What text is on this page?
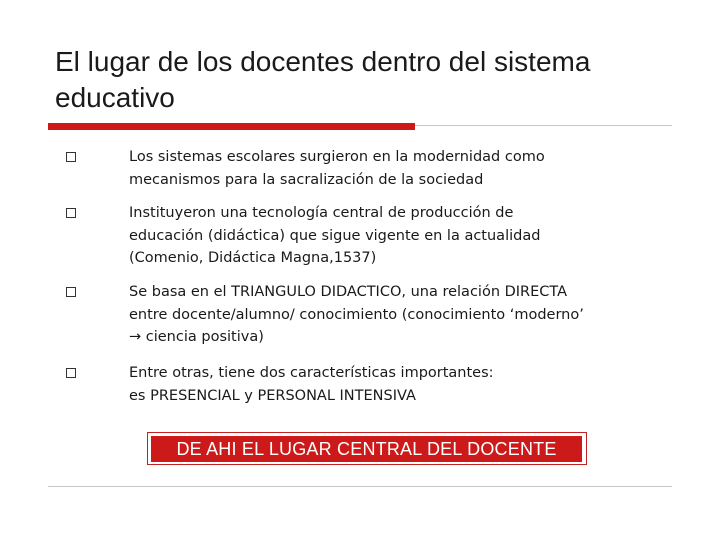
El lugar de los docentes dentro del sistema educativo
Los sistemas escolares surgieron en la modernidad como
mecanismos para la sacralización de la sociedad
Instituyeron una tecnología central de producción de
educación (didáctica) que sigue vigente en la actualidad
(Comenio, Didáctica Magna,1537)
Se basa en el TRIANGULO DIDACTICO, una relación DIRECTA
entre docente/alumno/ conocimiento (conocimiento ‘moderno’
→ ciencia positiva)
Entre otras, tiene dos características importantes:
es PRESENCIAL y PERSONAL INTENSIVA
DE AHI EL LUGAR CENTRAL DEL DOCENTE
